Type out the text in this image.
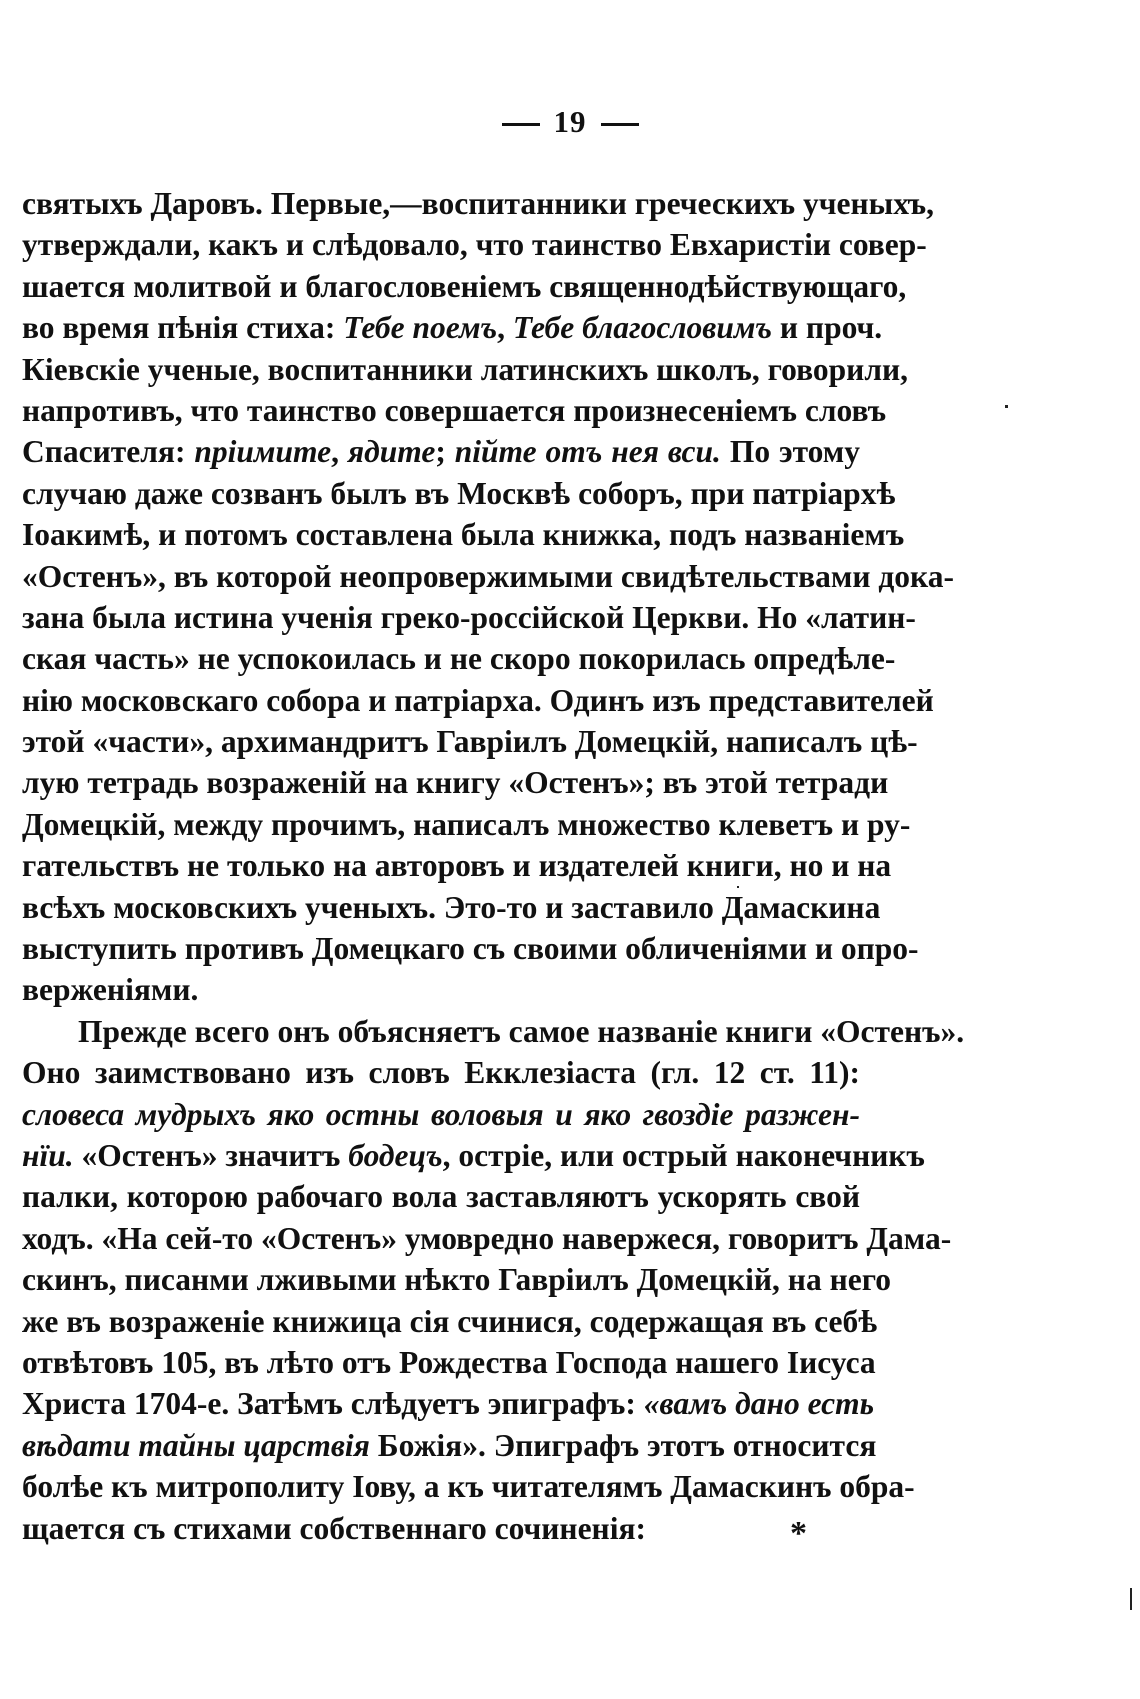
19
святыхъ Даровъ. Первые,—воспитанники греческихъ ученыхъ,
утверждали, какъ и слѣдовало, что таинство Евхаристіи совер-
шается молитвой и благословеніемъ священнодѣйствующаго,
во время пѣнія стиха: Тебе поемъ, Тебе благословимъ и проч.
Кіевскіе ученые, воспитанники латинскихъ школъ, говорили,
напротивъ, что таинство совершается произнесеніемъ словъ
Спасителя: пріимите, ядите; пійте отъ нея вси. По этому
случаю даже созванъ былъ въ Москвѣ соборъ, при патріархѣ
Іоакимѣ, и потомъ составлена была книжка, подъ названіемъ
«Остенъ», въ которой неопровержимыми свидѣтельствами дока-
зана была истина ученія греко-россійской Церкви. Но «латин-
ская часть» не успокоилась и не скоро покорилась опредѣле-
нію московскаго собора и патріарха. Одинъ изъ представителей
этой «части», архимандритъ Гавріилъ Домецкій, написалъ цѣ-
лую тетрадь возраженій на книгу «Остенъ»; въ этой тетради
Домецкій, между прочимъ, написалъ множество клеветъ и ру-
гательствъ не только на авторовъ и издателей книги, но и на
всѣхъ московскихъ ученыхъ. Это-то и заставило Дамаскина
выступить противъ Домецкаго съ своими обличеніями и опро-
верженіями.
Прежде всего онъ объясняетъ самое названіе книги «Остенъ».
Оно заимствовано изъ словъ Екклезіаста (гл. 12 ст. 11):
словеса мудрыхъ яко остны воловыя и яко гвоздіе разжен-
нїи. «Остенъ» значитъ бодецъ, остріе, или острый наконечникъ
палки, которою рабочаго вола заставляютъ ускорять свой
ходъ. «На сей-то «Остенъ» умовредно навержеся, говоритъ Дама-
скинъ, писанми лживыми нѣкто Гавріилъ Домецкій, на него
же въ возраженіе книжица сія счинися, содержащая въ себѣ
отвѣтовъ 105, въ лѣто отъ Рождества Господа нашего Іисуса
Христа 1704-е. Затѣмъ слѣдуетъ эпиграфъ: «вамъ дано есть
вѣдати тайны царствія Божія». Эпиграфъ этотъ относится
болѣе къ митрополиту Іову, а къ читателямъ Дамаскинъ обра-
щается съ стихами собственнаго сочиненія:	*
